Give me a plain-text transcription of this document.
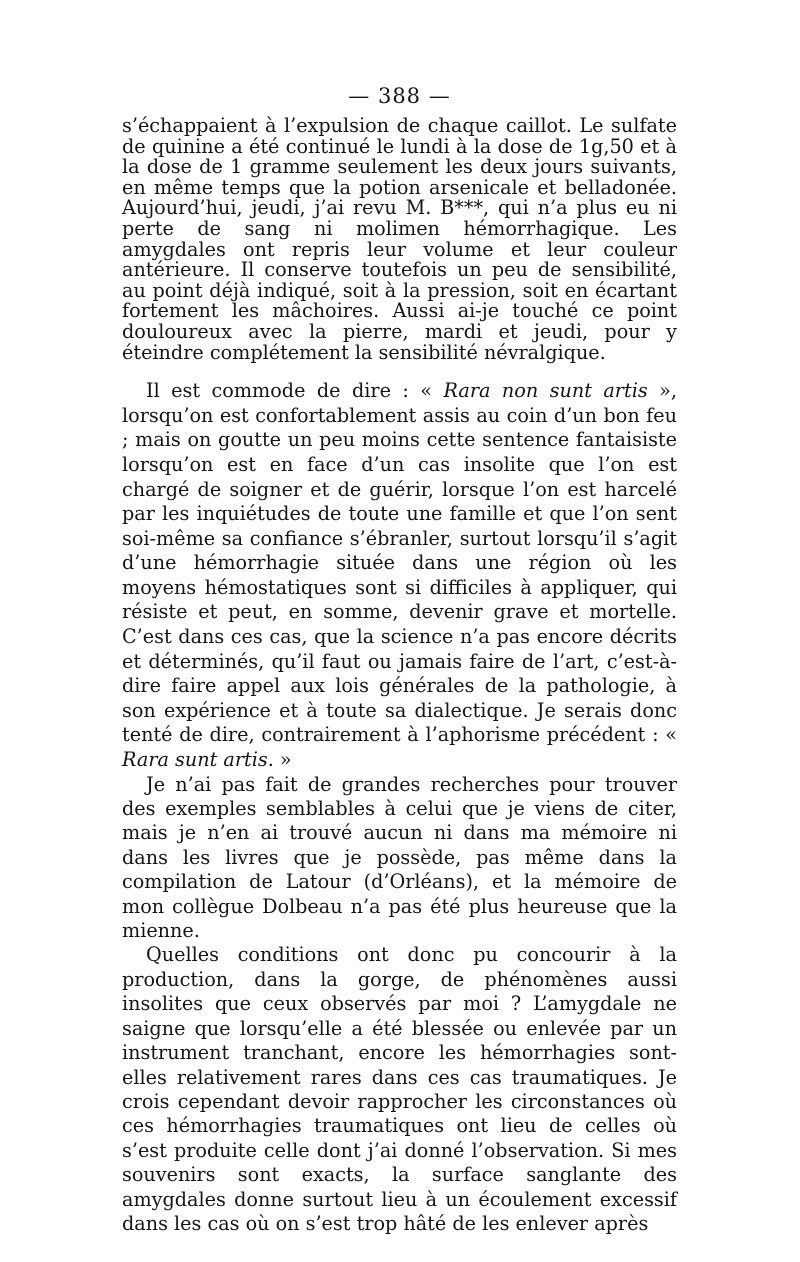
— 388 —

s’échappaient à l’expulsion de chaque caillot. Le sulfate de quinine a été continué le lundi à la dose de 1g,50 et à la dose de 1 gramme seulement les deux jours suivants, en même temps que la potion arsenicale et belladonée. Aujourd’hui, jeudi, j’ai revu M. B***, qui n’a plus eu ni perte de sang ni molimen hémorrhagique. Les amygdales ont repris leur volume et leur couleur antérieure. Il conserve toutefois un peu de sensibilité, au point déjà indiqué, soit à la pression, soit en écartant fortement les mâchoires. Aussi ai-je touché ce point douloureux avec la pierre, mardi et jeudi, pour y éteindre complétement la sensibilité névralgique.

Il est commode de dire : « Rara non sunt artis », lorsqu’on est confortablement assis au coin d’un bon feu ; mais on goutte un peu moins cette sentence fantaisiste lorsqu’on est en face d’un cas insolite que l’on est chargé de soigner et de guérir, lorsque l’on est harcelé par les inquiétudes de toute une famille et que l’on sent soi-même sa confiance s’ébranler, surtout lorsqu’il s’agit d’une hémorrhagie située dans une région où les moyens hémostatiques sont si difficiles à appliquer, qui résiste et peut, en somme, devenir grave et mortelle. C’est dans ces cas, que la science n’a pas encore décrits et déterminés, qu’il faut ou jamais faire de l’art, c’est-à-dire faire appel aux lois générales de la pathologie, à son expérience et à toute sa dialectique. Je serais donc tenté de dire, contrairement à l’aphorisme précédent : « Rara sunt artis. »

Je n’ai pas fait de grandes recherches pour trouver des exemples semblables à celui que je viens de citer, mais je n’en ai trouvé aucun ni dans ma mémoire ni dans les livres que je possède, pas même dans la compilation de Latour (d’Orléans), et la mémoire de mon collègue Dolbeau n’a pas été plus heureuse que la mienne.

Quelles conditions ont donc pu concourir à la production, dans la gorge, de phénomènes aussi insolites que ceux observés par moi ? L’amygdale ne saigne que lorsqu’elle a été blessée ou enlevée par un instrument tranchant, encore les hémorrhagies sont-elles relativement rares dans ces cas traumatiques. Je crois cependant devoir rapprocher les circonstances où ces hémorrhagies traumatiques ont lieu de celles où s’est produite celle dont j’ai donné l’observation. Si mes souvenirs sont exacts, la surface sanglante des amygdales donne surtout lieu à un écoulement excessif dans les cas où on s’est trop hâté de les enlever après
